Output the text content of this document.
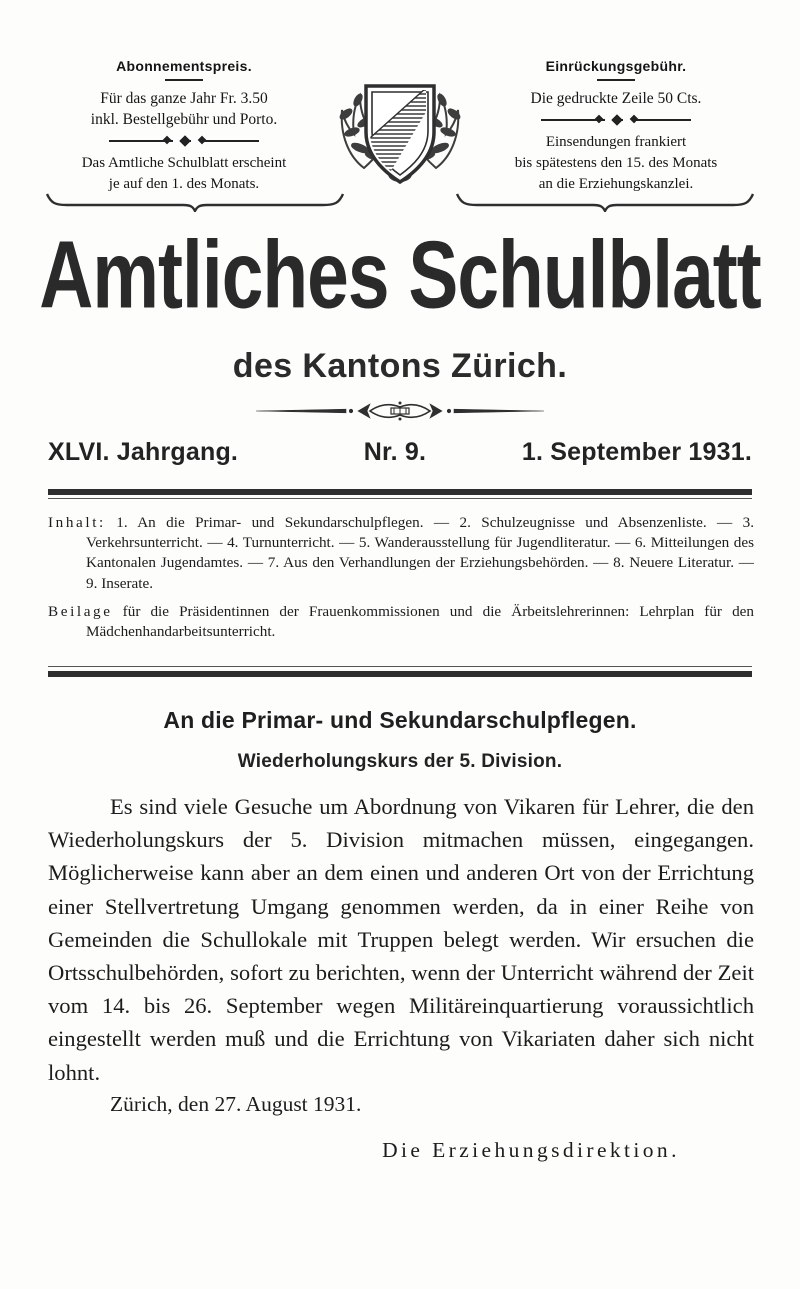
Abonnementspreis.
Für das ganze Jahr Fr. 3.50
inkl. Bestellgebühr und Porto.
Das Amtliche Schulblatt erscheint
je auf den 1. des Monats.
Einrückungsgebühr.
Die gedruckte Zeile 50 Cts.
Einsendungen frankiert
bis spätestens den 15. des Monats
an die Erziehungskanzlei.
Amtliches Schulblatt
des Kantons Zürich.
XLVI. Jahrgang.	Nr. 9.	1. September 1931.

Inhalt: 1. An die Primar- und Sekundarschulpflegen. — 2. Schulzeugnisse und Absenzenliste. — 3. Verkehrsunterricht. — 4. Turnunterricht. — 5. Wanderausstellung für Jugendliteratur. — 6. Mitteilungen des Kantonalen Jugendamtes. — 7. Aus den Verhandlungen der Erziehungsbehörden. — 8. Neuere Literatur. — 9. Inserate.

Beilage für die Präsidentinnen der Frauenkommissionen und die Ärbeitslehrerinnen: Lehrplan für den Mädchenhandarbeitsunterricht.

An die Primar- und Sekundarschulpflegen.
Wiederholungskurs der 5. Division.
Es sind viele Gesuche um Abordnung von Vikaren für Lehrer, die den Wiederholungskurs der 5. Division mitmachen müssen, eingegangen. Möglicherweise kann aber an dem einen und anderen Ort von der Errichtung einer Stellvertretung Umgang genommen werden, da in einer Reihe von Gemeinden die Schullokale mit Truppen belegt werden. Wir ersuchen die Ortsschulbehörden, sofort zu berichten, wenn der Unterricht während der Zeit vom 14. bis 26. September wegen Militäreinquartierung voraussichtlich eingestellt werden muß und die Errichtung von Vikariaten daher sich nicht lohnt.
Zürich, den 27. August 1931.
Die Erziehungsdirektion.
